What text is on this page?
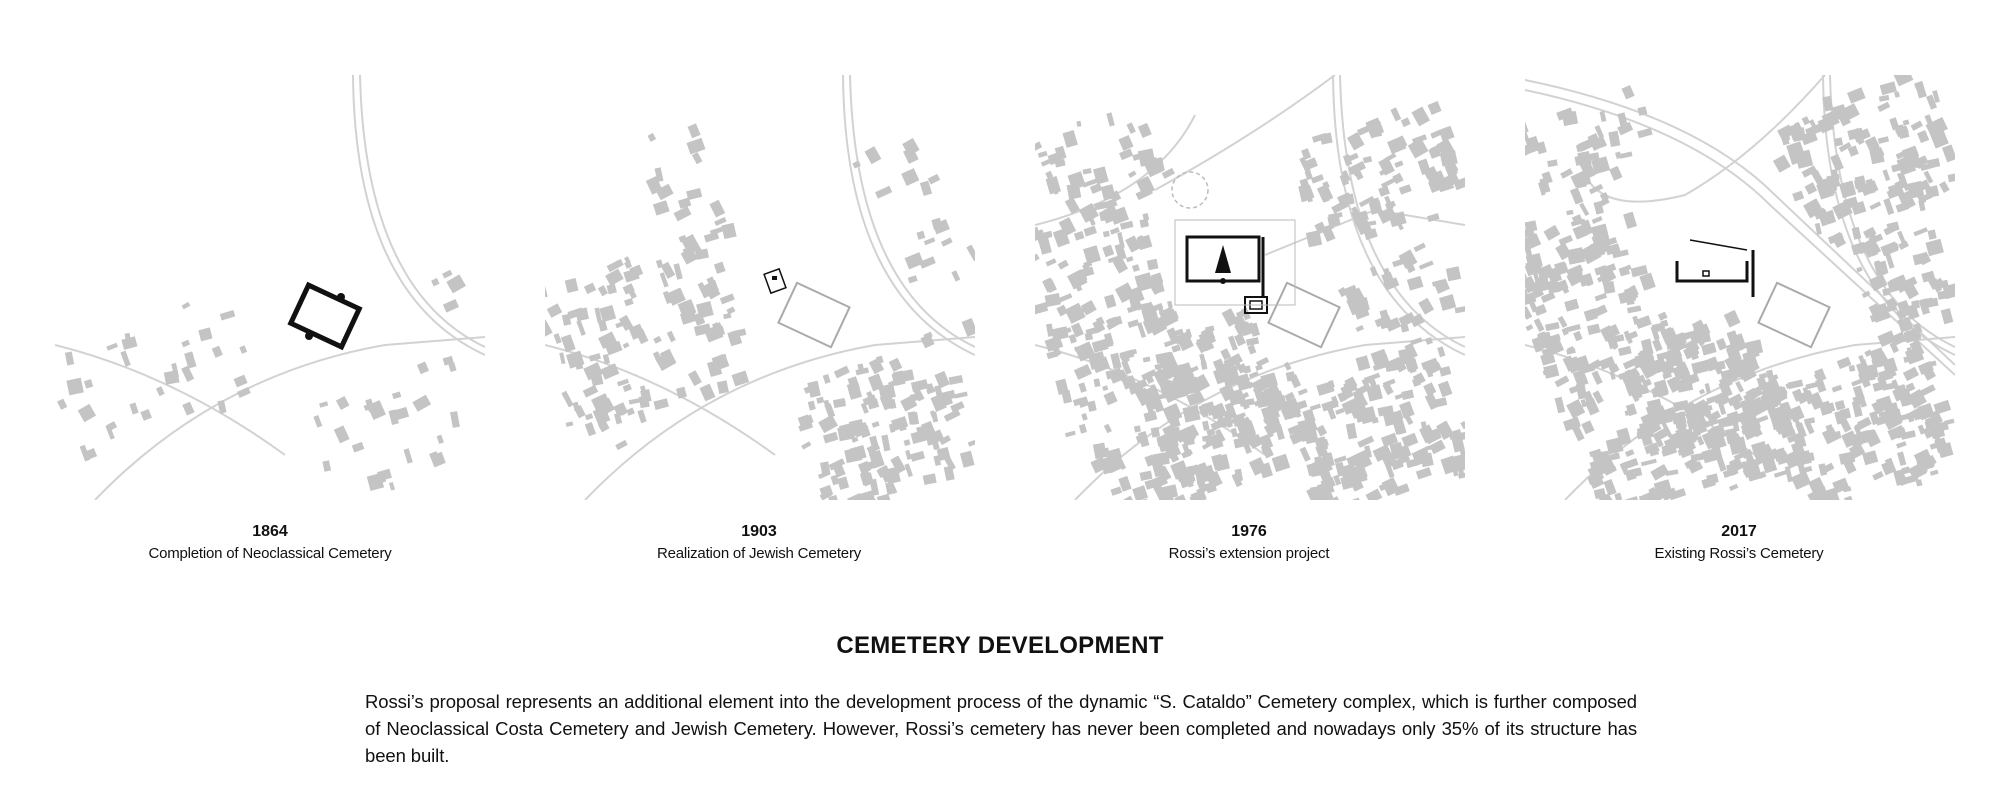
1864
Completion of Neoclassical Cemetery
1903
Realization of Jewish Cemetery
1976
Rossi’s extension project
2017
Existing Rossi’s Cemetery
CEMETERY DEVELOPMENT
Rossi’s proposal represents an additional element into the development process of the dynamic “S. Cataldo” Cemetery complex, which is further composed of Neoclassical Costa Cemetery and Jewish Cemetery. However, Rossi’s cemetery has never been completed and nowadays only 35% of its structure has been built.
